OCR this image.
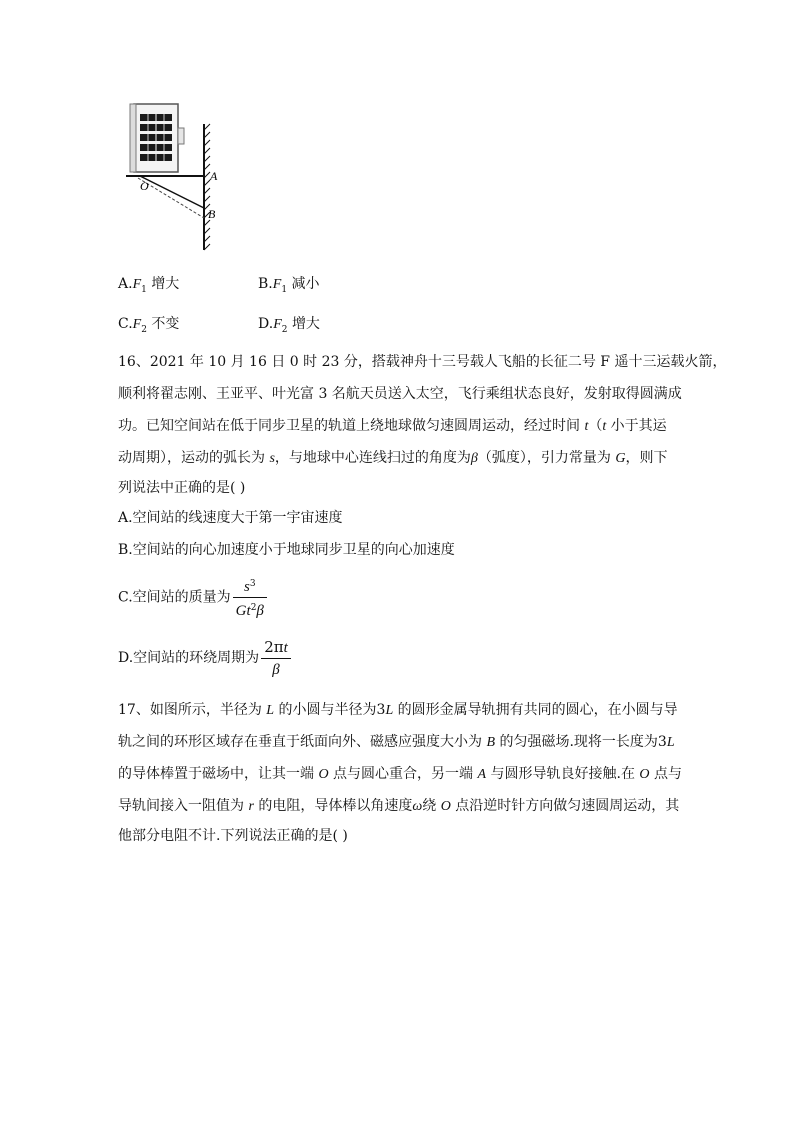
O
A
B
$A.F_1$ 增大	$B.F_1$ 减小
$C.F_2$ 不变	$D.F_2$ 增大
16、2021 年 10 月 16 日 0 时 23 分，搭载神舟十三号载人飞船的长征二号 F 遥十三运载火箭，
顺利将翟志刚、王亚平、叶光富 3 名航天员送入太空，飞行乘组状态良好，发射取得圆满成
功。已知空间站在低于同步卫星的轨道上绕地球做匀速圆周运动，经过时间 t（t 小于其运
动周期），运动的弧长为 s，与地球中心连线扫过的角度为β（弧度），引力常量为 G，则下
列说法中正确的是( )
A.空间站的线速度大于第一宇宙速度
B.空间站的向心加速度小于地球同步卫星的向心加速度
C.空间站的质量为 $\frac{s^3}{Gt^2\beta}$
D.空间站的环绕周期为 $\frac{2\pi t}{\beta}$
17、如图所示，半径为 L 的小圆与半径为3L 的圆形金属导轨拥有共同的圆心，在小圆与导
轨之间的环形区域存在垂直于纸面向外、磁感应强度大小为 B 的匀强磁场.现将一长度为3L
的导体棒置于磁场中，让其一端 O 点与圆心重合，另一端 A 与圆形导轨良好接触.在 O 点与
导轨间接入一阻值为 r 的电阻，导体棒以角速度ω绕 O 点沿逆时针方向做匀速圆周运动，其
他部分电阻不计.下列说法正确的是( )
